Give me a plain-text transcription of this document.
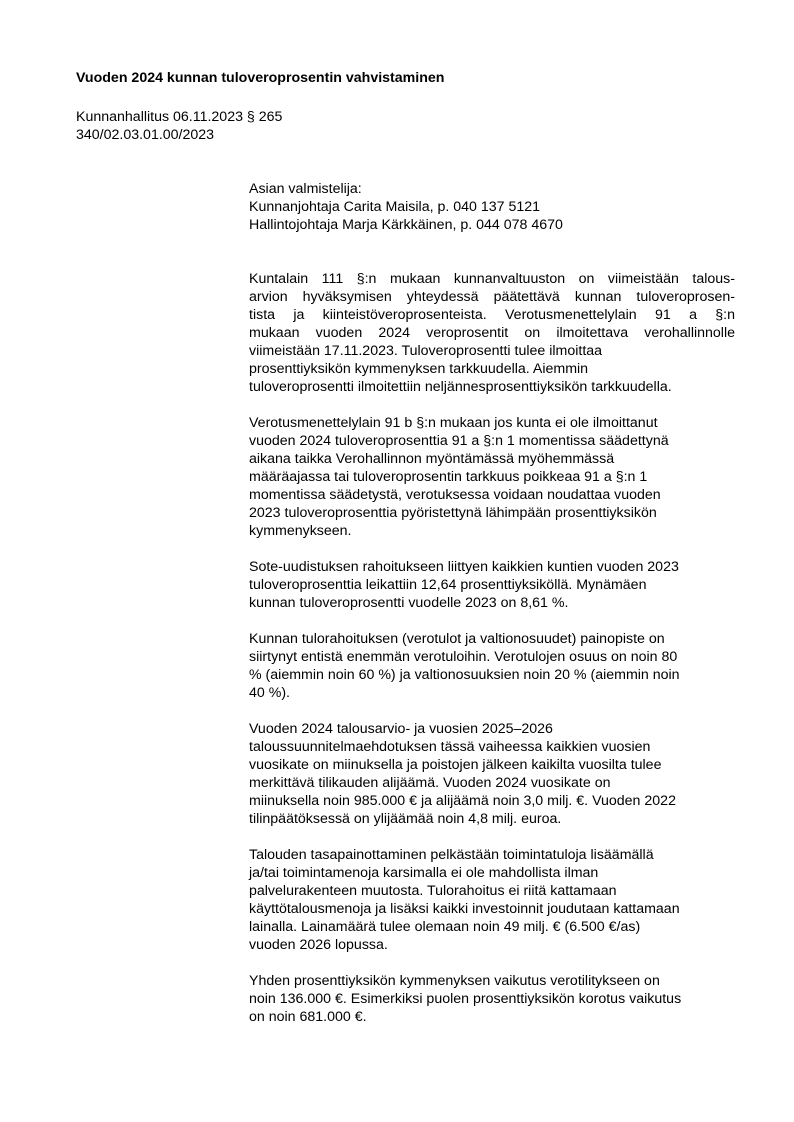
Vuoden 2024 kunnan tuloveroprosentin vahvistaminen
Kunnanhallitus 06.11.2023 § 265
340/02.03.01.00/2023
Asian valmistelija:
Kunnanjohtaja Carita Maisila, p. 040 137 5121
Hallintojohtaja Marja Kärkkäinen, p. 044 078 4670

Kuntalain 111 §:n mukaan kunnanvaltuuston on viimeistään talous-
arvion hyväksymisen yhteydessä päätettävä kunnan tuloveroprosen-
tista ja kiinteistöveroprosenteista. Verotusmenettelylain 91 a §:n
mukaan vuoden 2024 veroprosentit on ilmoitettava verohallinnolle
viimeistään 17.11.2023. Tuloveroprosentti tulee ilmoittaa
prosenttiyksikön kymmenyksen tarkkuudella. Aiemmin
tuloveroprosentti ilmoitettiin neljännesprosenttiyksikön tarkkuudella.

Verotusmenettelylain 91 b §:n mukaan jos kunta ei ole ilmoittanut
vuoden 2024 tuloveroprosenttia 91 a §:n 1 momentissa säädettynä
aikana taikka Verohallinnon myöntämässä myöhemmässä
määräajassa tai tuloveroprosentin tarkkuus poikkeaa 91 a §:n 1
momentissa säädetystä, verotuksessa voidaan noudattaa vuoden
2023 tuloveroprosenttia pyöristettynä lähimpään prosenttiyksikön
kymmenykseen.

Sote-uudistuksen rahoitukseen liittyen kaikkien kuntien vuoden 2023
tuloveroprosenttia leikattiin 12,64 prosenttiyksiköllä. Mynämäen
kunnan tuloveroprosentti vuodelle 2023 on 8,61 %.

Kunnan tulorahoituksen (verotulot ja valtionosuudet) painopiste on
siirtynyt entistä enemmän verotuloihin. Verotulojen osuus on noin 80
% (aiemmin noin 60 %) ja valtionosuuksien noin 20 % (aiemmin noin
40 %).

Vuoden 2024 talousarvio- ja vuosien 2025–2026
taloussuunnitelmaehdotuksen tässä vaiheessa kaikkien vuosien
vuosikate on miinuksella ja poistojen jälkeen kaikilta vuosilta tulee
merkittävä tilikauden alijäämä. Vuoden 2024 vuosikate on
miinuksella noin 985.000 € ja alijäämä noin 3,0 milj. €. Vuoden 2022
tilinpäätöksessä on ylijäämää noin 4,8 milj. euroa.

Talouden tasapainottaminen pelkästään toimintatuloja lisäämällä
ja/tai toimintamenoja karsimalla ei ole mahdollista ilman
palvelurakenteen muutosta. Tulorahoitus ei riitä kattamaan
käyttötalousmenoja ja lisäksi kaikki investoinnit joudutaan kattamaan
lainalla. Lainamäärä tulee olemaan noin 49 milj. € (6.500 €/as)
vuoden 2026 lopussa.

Yhden prosenttiyksikön kymmenyksen vaikutus verotilitykseen on
noin 136.000 €. Esimerkiksi puolen prosenttiyksikön korotus vaikutus
on noin 681.000 €.
